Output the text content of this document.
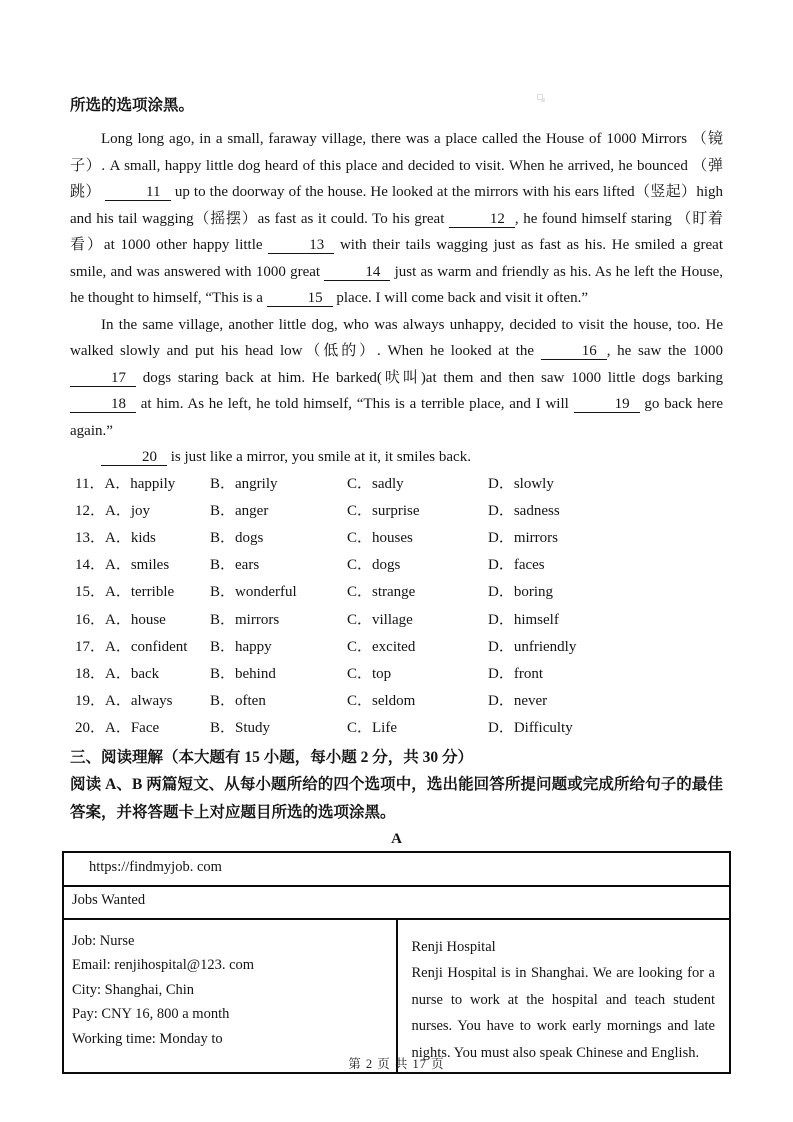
所选的选项涂黑。

Long long ago, in a small, faraway village, there was a place called the House of 1000 Mirrors （镜子）. A small, happy little dog heard of this place and decided to visit. When he arrived, he bounced （弹跳）	11 up to the doorway of the house. He looked at the mirrors with his ears lifted（竖起）high and his tail wagging（摇摆）as fast as it could. To his great	12 , he found himself staring （盯着看）at 1000 other happy little	13 with their tails wagging just as fast as his. He smiled a great smile, and was answered with 1000 great	14 just as warm and friendly as his. As he left the House, he thought to himself, “This is a	15 place. I will come back and visit it often.”

In the same village, another little dog, who was always unhappy, decided to visit the house, too. He walked slowly and put his head low（低的）. When he looked at the	16 , he saw the 1000 17 dogs staring back at him. He barked(吠叫)at them and then saw 1000 little dogs barking 18 at him. As he left, he told himself, “This is a terrible place, and I will	19 go back here again.”

20 is just like a mirror, you smile at it, it smiles back.

11．A．happily	B．angrily	C．sadly	D．slowly
12．A．joy	B．anger	C．surprise	D．sadness
13．A．kids	B．dogs	C．houses	D．mirrors
14．A．smiles	B．ears	C．dogs	D．faces
15．A．terrible	B．wonderful	C．strange	D．boring
16．A．house	B．mirrors	C．village	D．himself
17．A．confident	B．happy	C．excited	D．unfriendly
18．A．back	B．behind	C．top	D．front
19．A．always	B．often	C．seldom	D．never
20．A．Face	B．Study	C．Life	D．Difficulty
三、阅读理解（本大题有 15 小题，每小题 2 分，共 30 分）
阅读 A、B 两篇短文、从每小题所给的四个选项中，选出能回答所提问题或完成所给句子的最佳答案，并将答题卡上对应题目所选的选项涂黑。
A
https://findmyjob. com
Jobs Wanted

Job: Nurse
Email: renjihospital@123. com
City: Shanghai, Chin
Pay: CNY 16, 800 a month
Working time: Monday to

Renji Hospital
Renji Hospital is in Shanghai. We are looking for a nurse to work at the hospital and teach student nurses. You have to work early mornings and late nights. You must also speak Chinese and English.
第 2 页 共 17 页
